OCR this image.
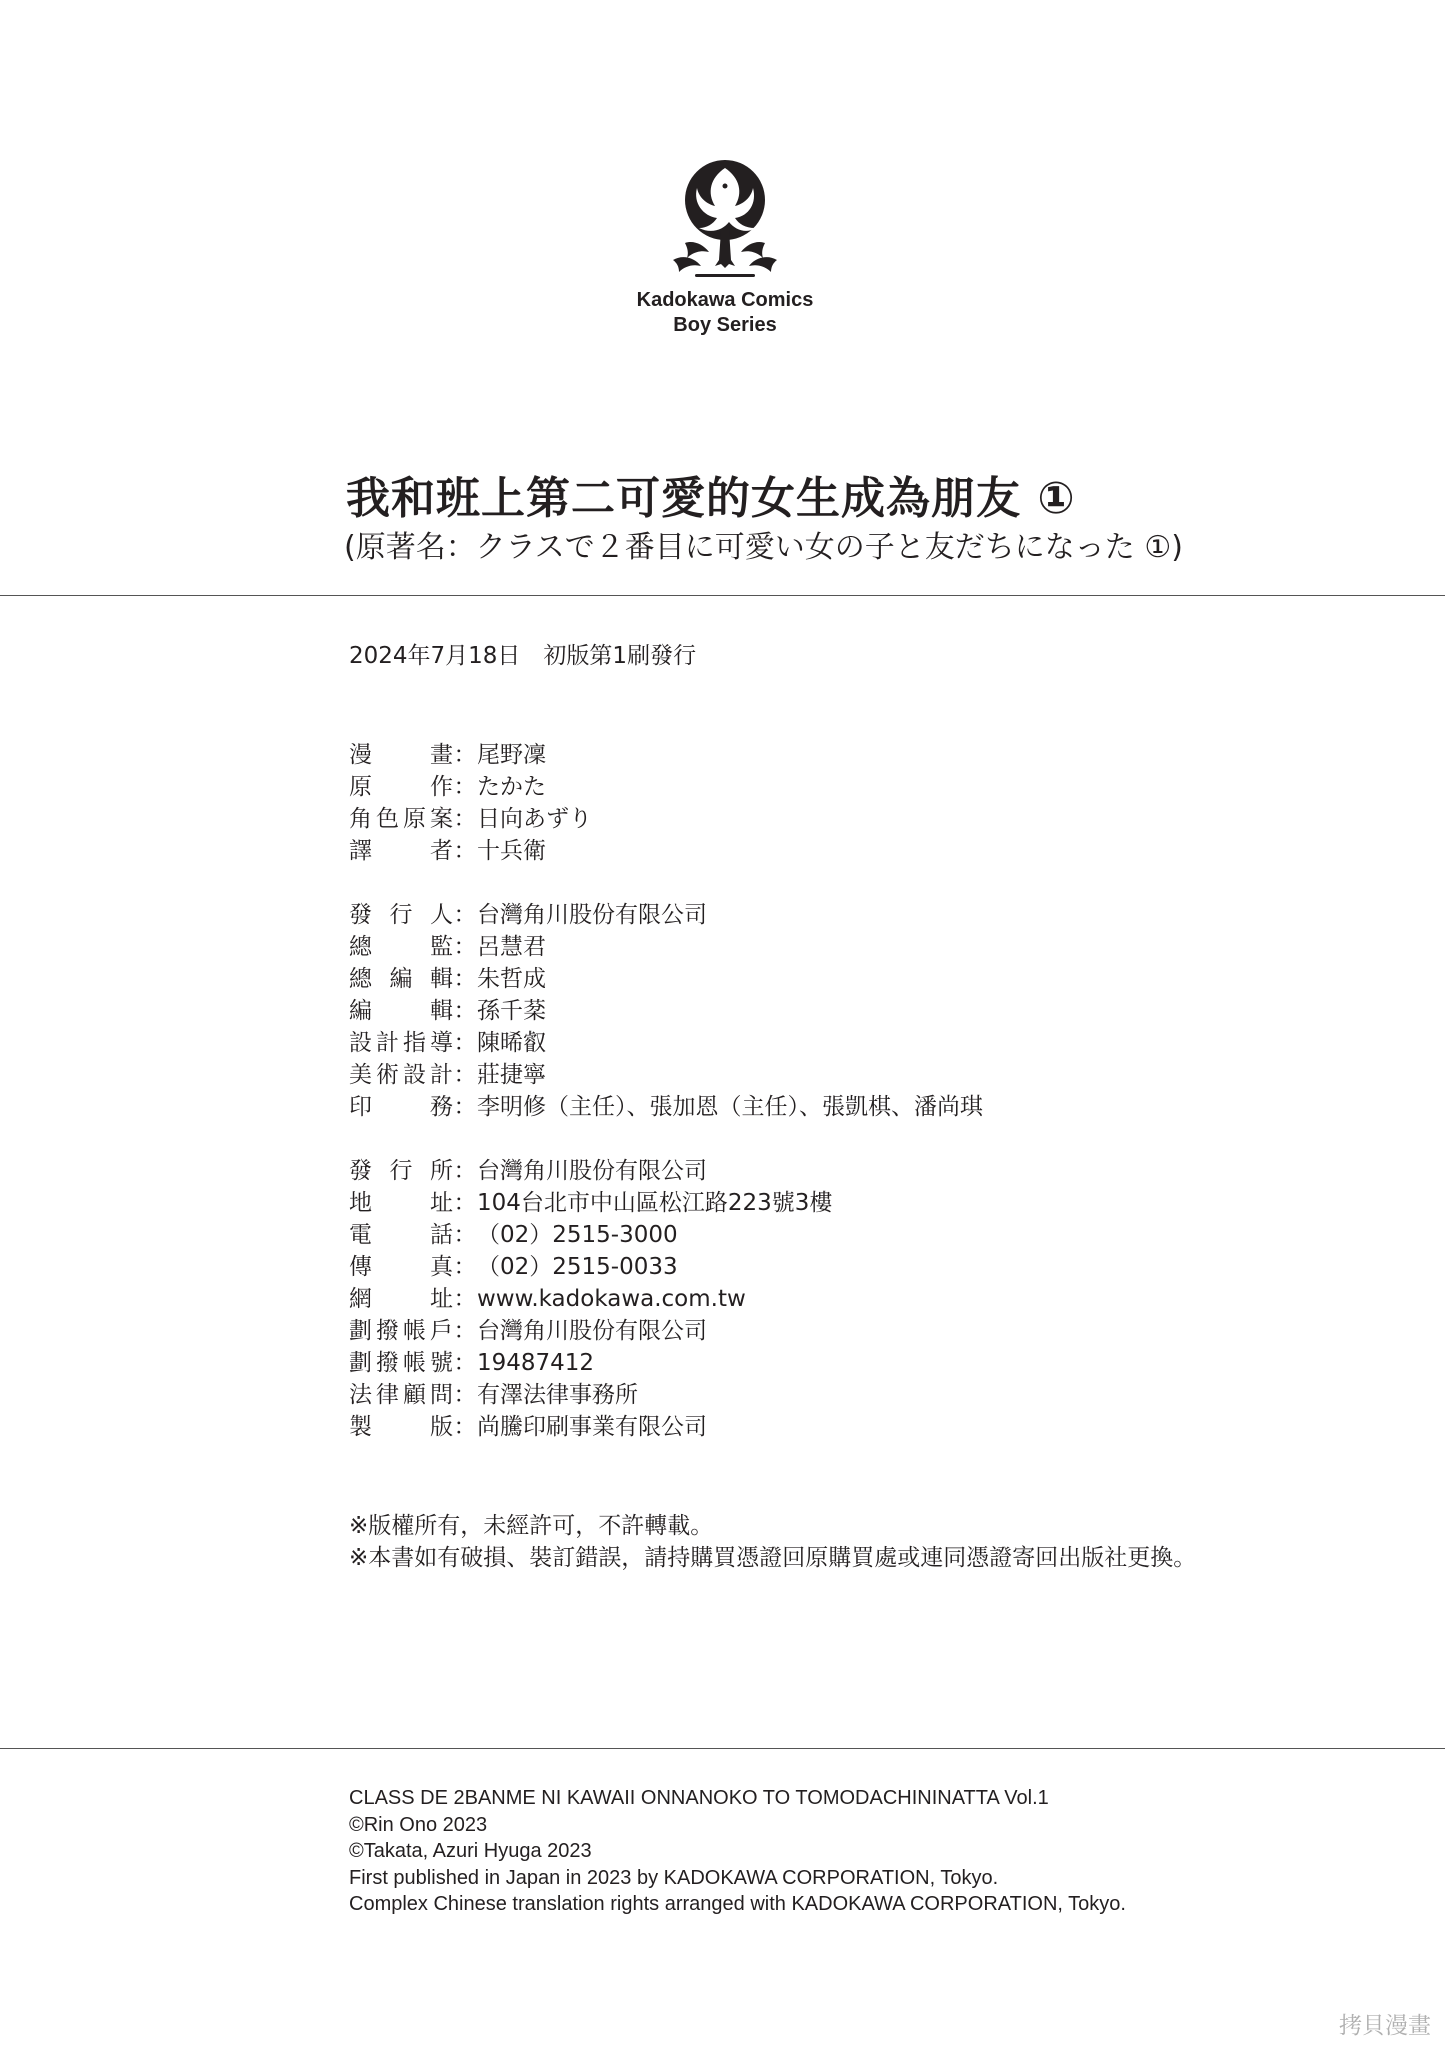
Kadokawa Comics
Boy Series
我和班上第二可愛的女生成為朋友 ①
(原著名：クラスで２番目に可愛い女の子と友だちになった ①)
2024年7月18日　初版第1刷發行
漫	畫 ： 尾野凜
原	作 ： たかた
角 色 原 案 ： 日向あずり
譯	者 ： 十兵衛
發 行 人 ： 台灣角川股份有限公司
總	監 ： 呂慧君
總 編 輯 ： 朱哲成
編	輯 ： 孫千棻
設 計 指 導 ： 陳晞叡
美 術 設 計 ： 莊捷寧
印	務 ： 李明修（主任）、張加恩（主任）、張凱棋、潘尚琪
發 行 所 ： 台灣角川股份有限公司
地	址 ： 104台北市中山區松江路223號3樓
電	話 ： （02）2515-3000
傳	真 ： （02）2515-0033
網	址 ： www.kadokawa.com.tw
劃 撥 帳 戶 ： 台灣角川股份有限公司
劃 撥 帳 號 ： 19487412
法 律 顧 問 ： 有澤法律事務所
製	版 ： 尚騰印刷事業有限公司
※版權所有，未經許可，不許轉載。
※本書如有破損、裝訂錯誤，請持購買憑證回原購買處或連同憑證寄回出版社更換。
CLASS DE 2BANME NI KAWAII ONNANOKO TO TOMODACHININATTA Vol.1
©Rin Ono 2023
©Takata, Azuri Hyuga 2023
First published in Japan in 2023 by KADOKAWA CORPORATION, Tokyo.
Complex Chinese translation rights arranged with KADOKAWA CORPORATION, Tokyo.
拷貝漫畫
